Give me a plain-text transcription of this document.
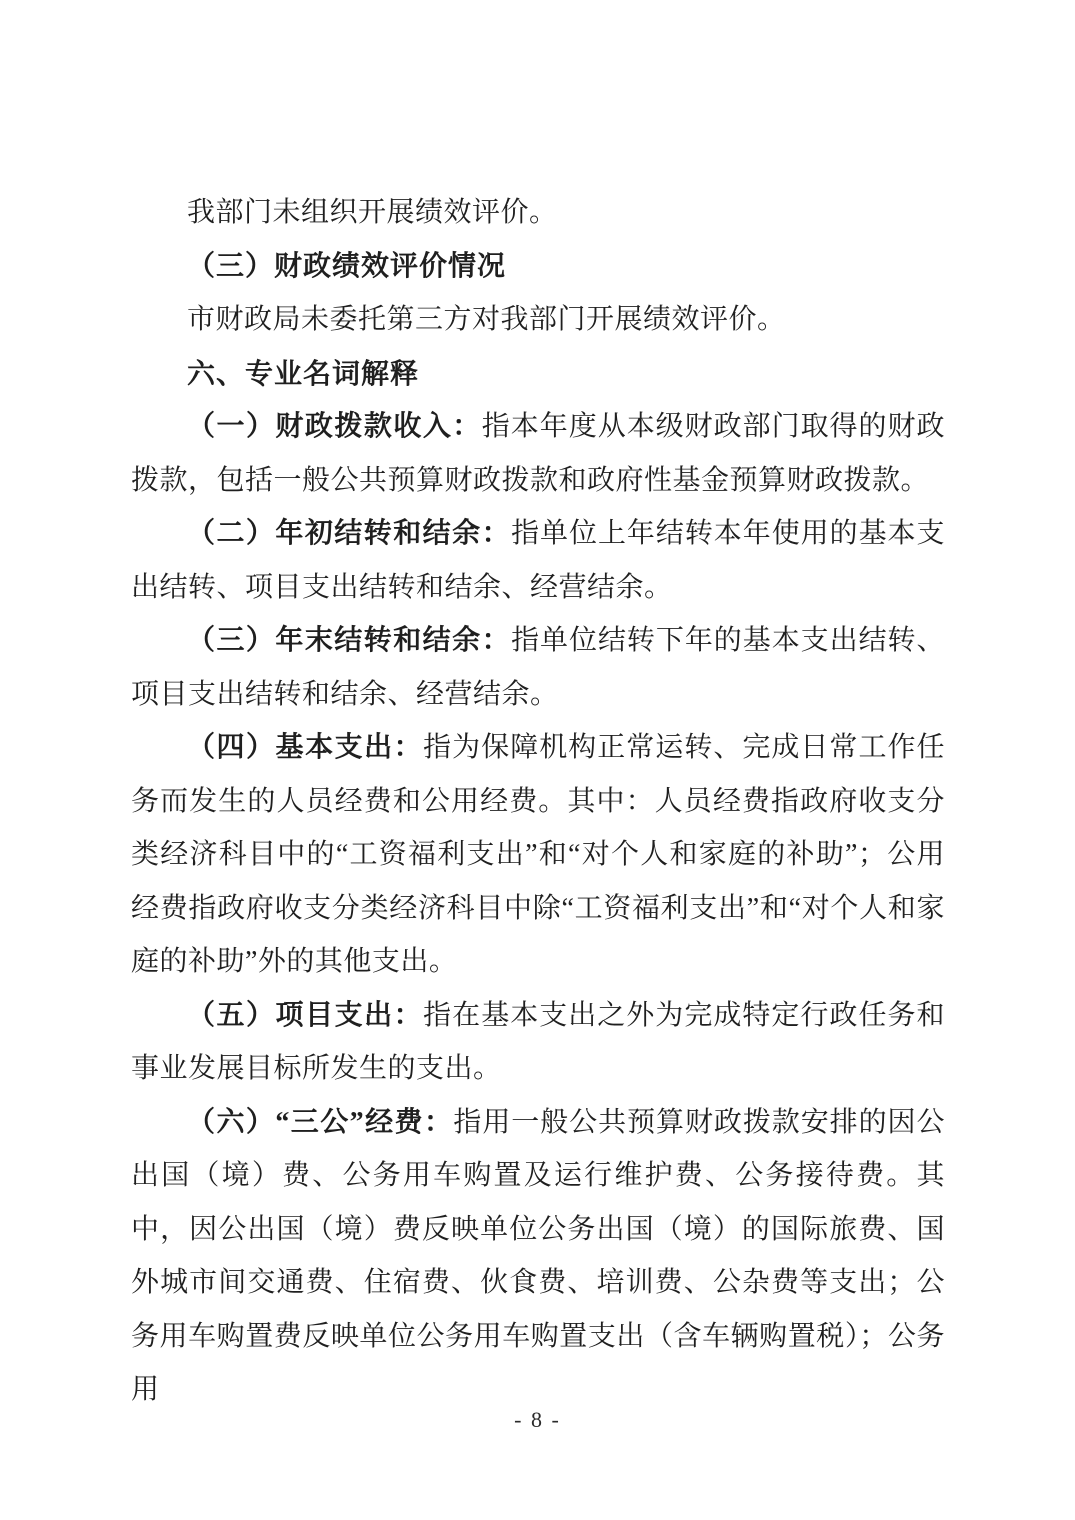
我部门未组织开展绩效评价。

（三）财政绩效评价情况

市财政局未委托第三方对我部门开展绩效评价。

六、专业名词解释

（一）财政拨款收入：指本年度从本级财政部门取得的财政拨款，包括一般公共预算财政拨款和政府性基金预算财政拨款。

（二）年初结转和结余：指单位上年结转本年使用的基本支出结转、项目支出结转和结余、经营结余。

（三）年末结转和结余：指单位结转下年的基本支出结转、项目支出结转和结余、经营结余。

（四）基本支出：指为保障机构正常运转、完成日常工作任务而发生的人员经费和公用经费。其中：人员经费指政府收支分类经济科目中的“工资福利支出”和“对个人和家庭的补助”；公用经费指政府收支分类经济科目中除“工资福利支出”和“对个人和家庭的补助”外的其他支出。

（五）项目支出：指在基本支出之外为完成特定行政任务和事业发展目标所发生的支出。

（六）“三公”经费：指用一般公共预算财政拨款安排的因公出国（境）费、公务用车购置及运行维护费、公务接待费。其中，因公出国（境）费反映单位公务出国（境）的国际旅费、国外城市间交通费、住宿费、伙食费、培训费、公杂费等支出；公务用车购置费反映单位公务用车购置支出（含车辆购置税）；公务用

- 8 -
